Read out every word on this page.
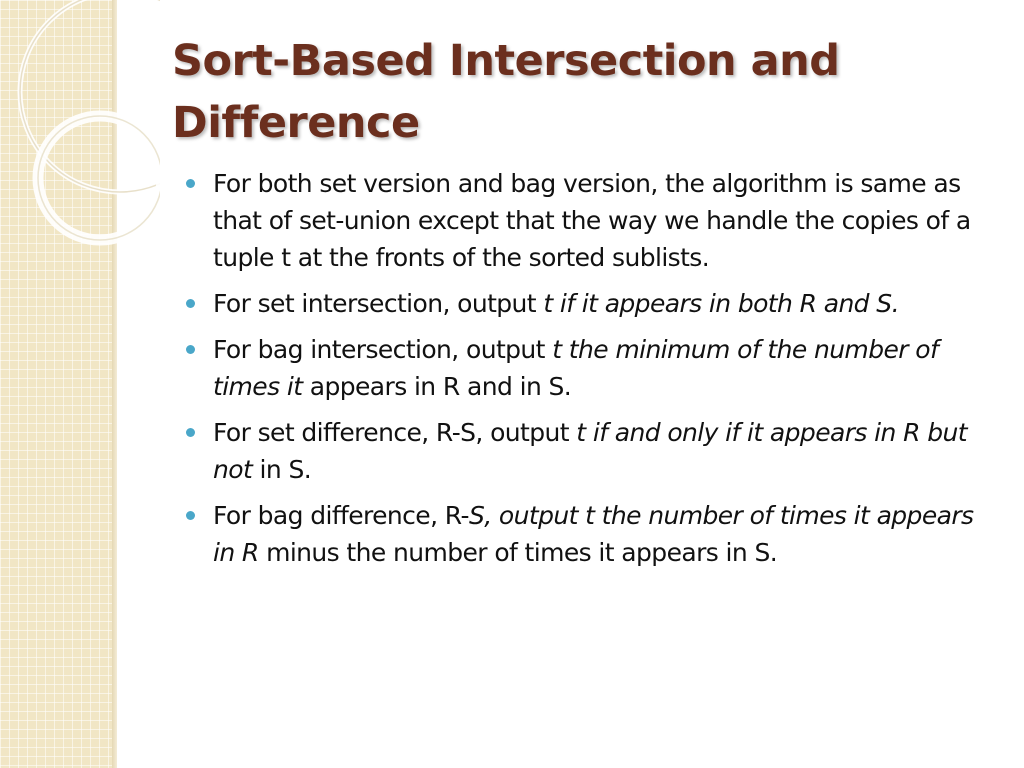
Sort-Based Intersection and Difference
For both set version and bag version, the algorithm is same as that of set-union except that the way we handle the copies of a tuple t at the fronts of the sorted sublists.
For set intersection, output t if it appears in both R and S.
For bag intersection, output t the minimum of the number of times it appears in R and in S.
For set difference, R-S, output t if and only if it appears in R but not in S.
For bag difference, R-S, output t the number of times it appears in R minus the number of times it appears in S.
